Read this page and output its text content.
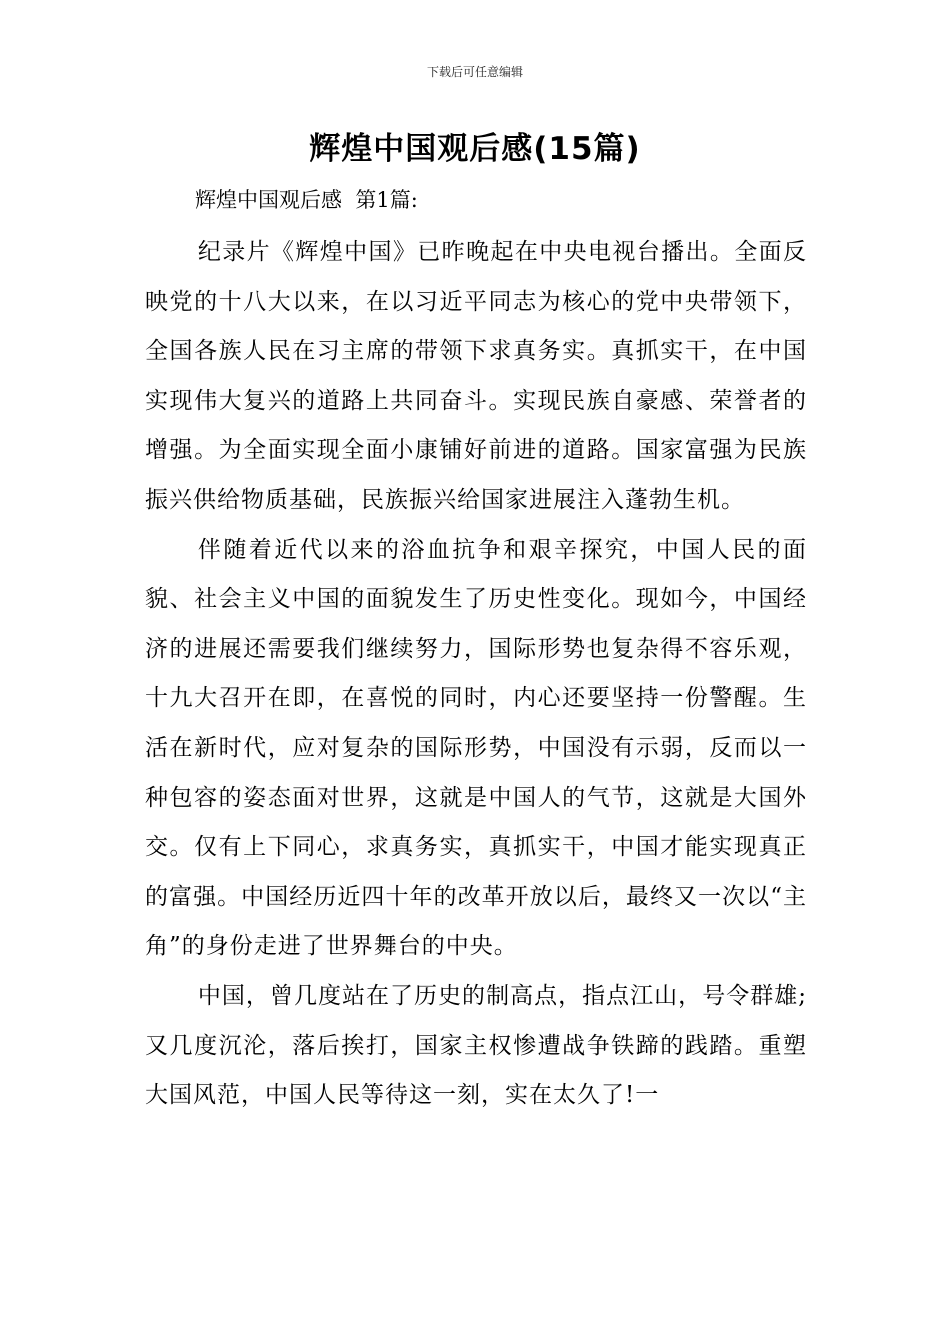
下载后可任意编辑
辉煌中国观后感(15篇)
辉煌中国观后感  第1篇:

纪录片《辉煌中国》已昨晚起在中央电视台播出。全面反映党的十八大以来，在以习近平同志为核心的党中央带领下，全国各族人民在习主席的带领下求真务实。真抓实干，在中国实现伟大复兴的道路上共同奋斗。实现民族自豪感、荣誉者的增强。为全面实现全面小康铺好前进的道路。国家富强为民族振兴供给物质基础，民族振兴给国家进展注入蓬勃生机。

伴随着近代以来的浴血抗争和艰辛探究，中国人民的面貌、社会主义中国的面貌发生了历史性变化。现如今，中国经济的进展还需要我们继续努力，国际形势也复杂得不容乐观，十九大召开在即，在喜悦的同时，内心还要坚持一份警醒。生活在新时代，应对复杂的国际形势，中国没有示弱，反而以一种包容的姿态面对世界，这就是中国人的气节，这就是大国外交。仅有上下同心，求真务实，真抓实干，中国才能实现真正的富强。中国经历近四十年的改革开放以后，最终又一次以“主角”的身份走进了世界舞台的中央。

中国，曾几度站在了历史的制高点，指点江山，号令群雄;又几度沉沦，落后挨打，国家主权惨遭战争铁蹄的践踏。重塑大国风范，中国人民等待这一刻，实在太久了!一
